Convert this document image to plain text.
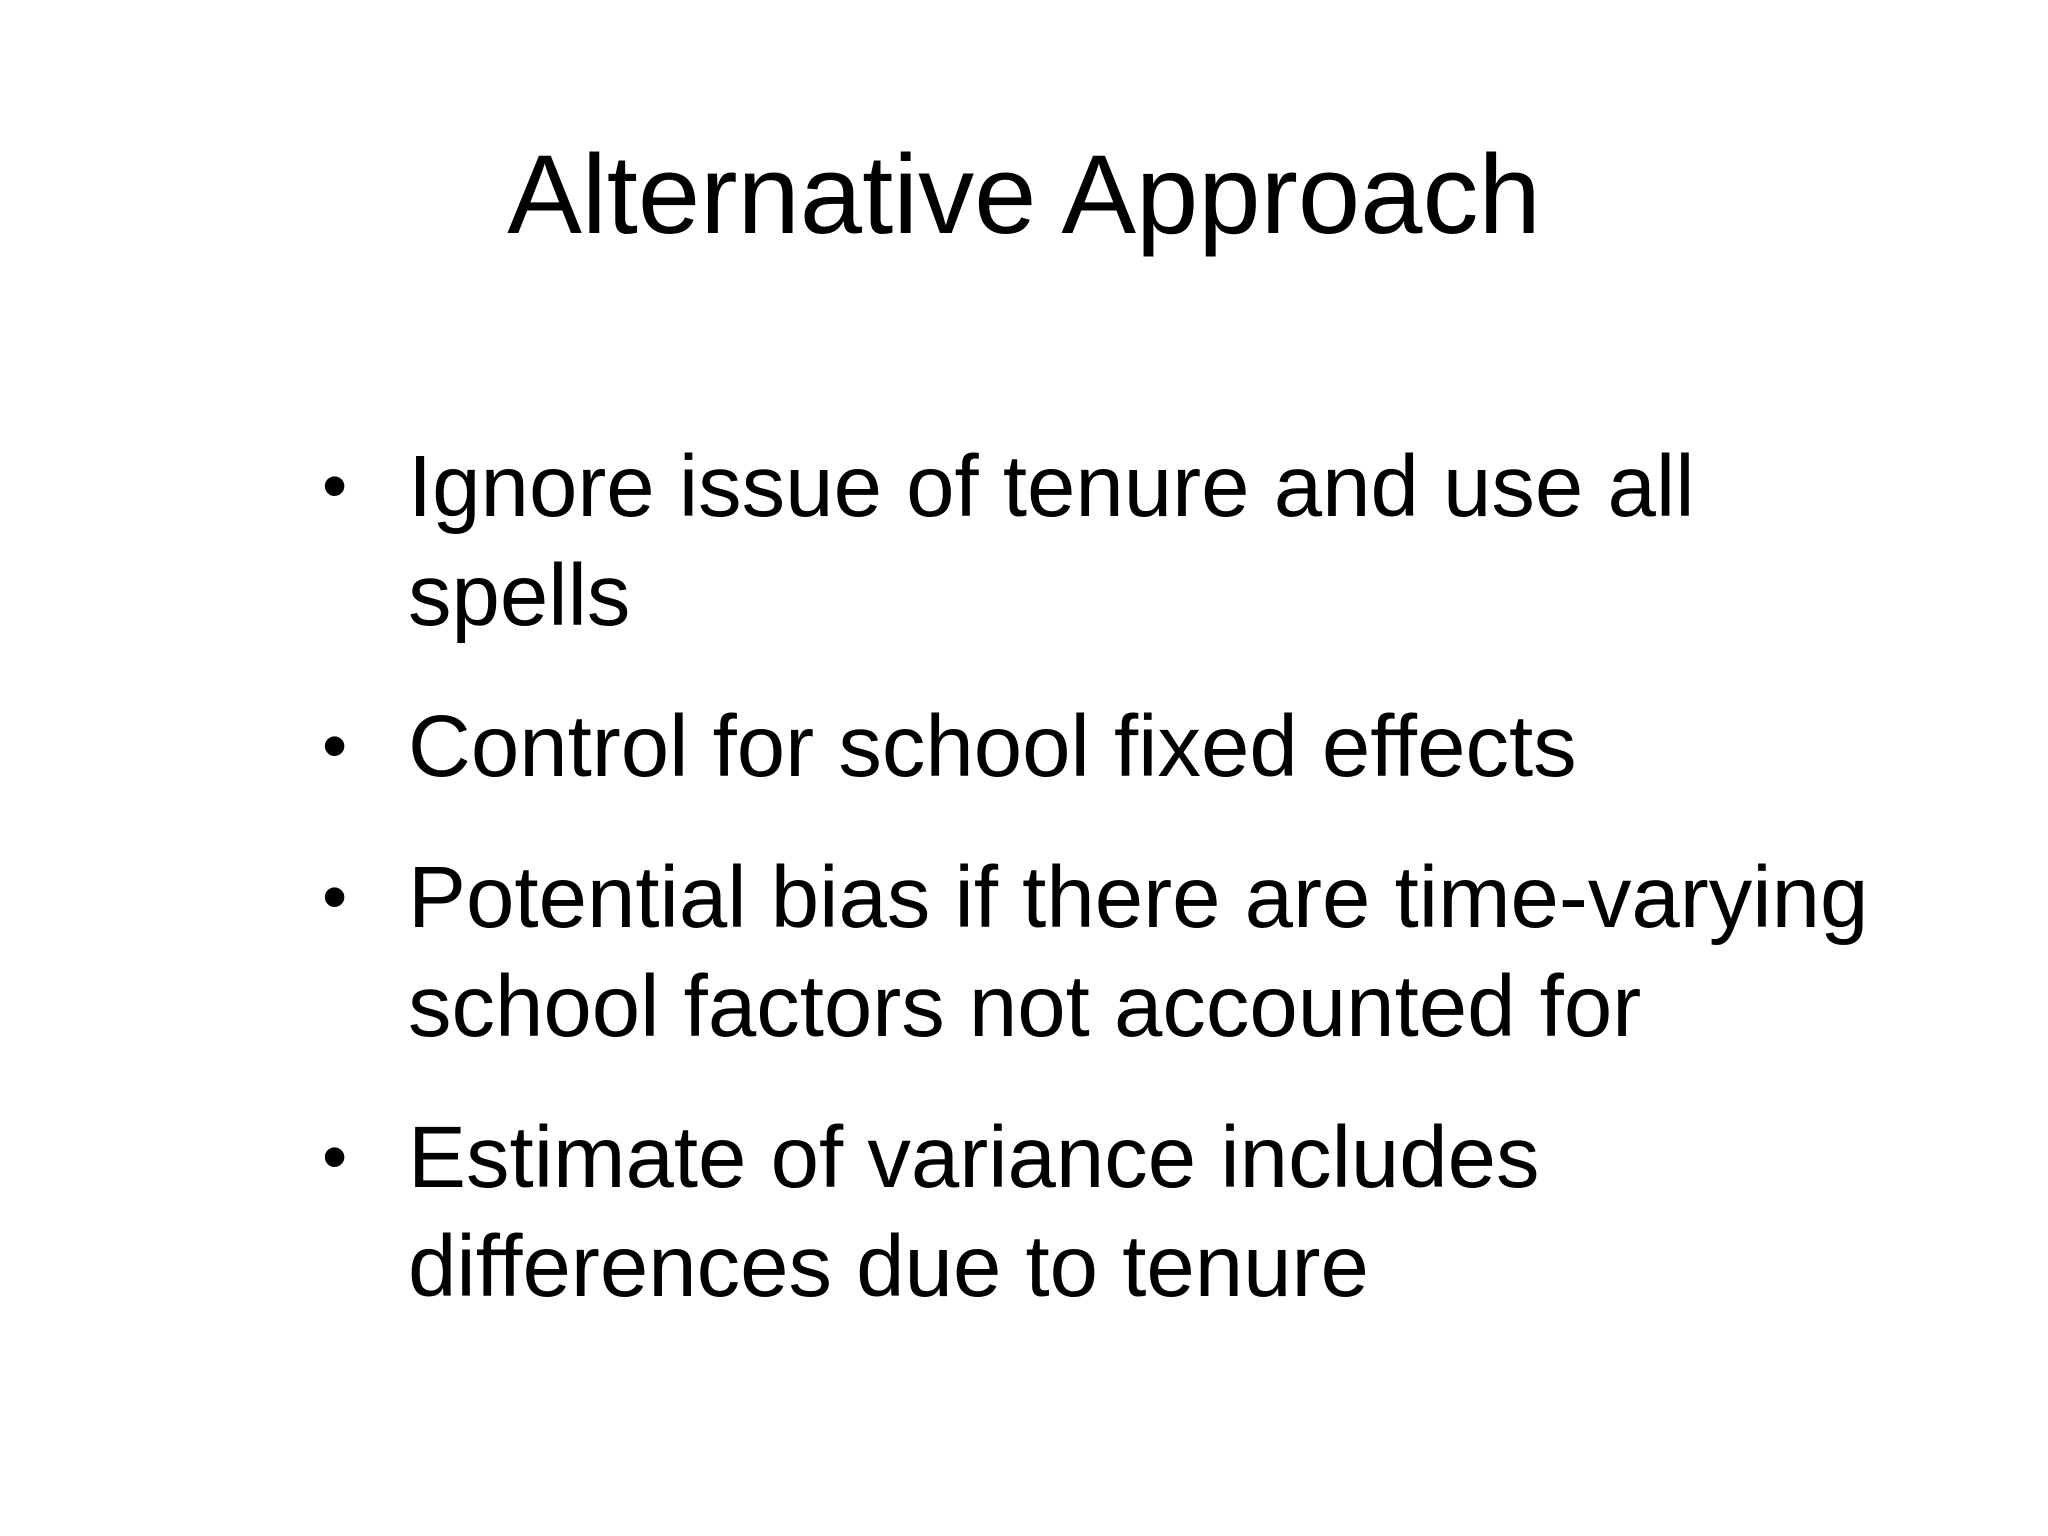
Alternative Approach
• Ignore issue of tenure and use all spells
• Control for school fixed effects
• Potential bias if there are time-varying school factors not accounted for
• Estimate of variance includes differences due to tenure
